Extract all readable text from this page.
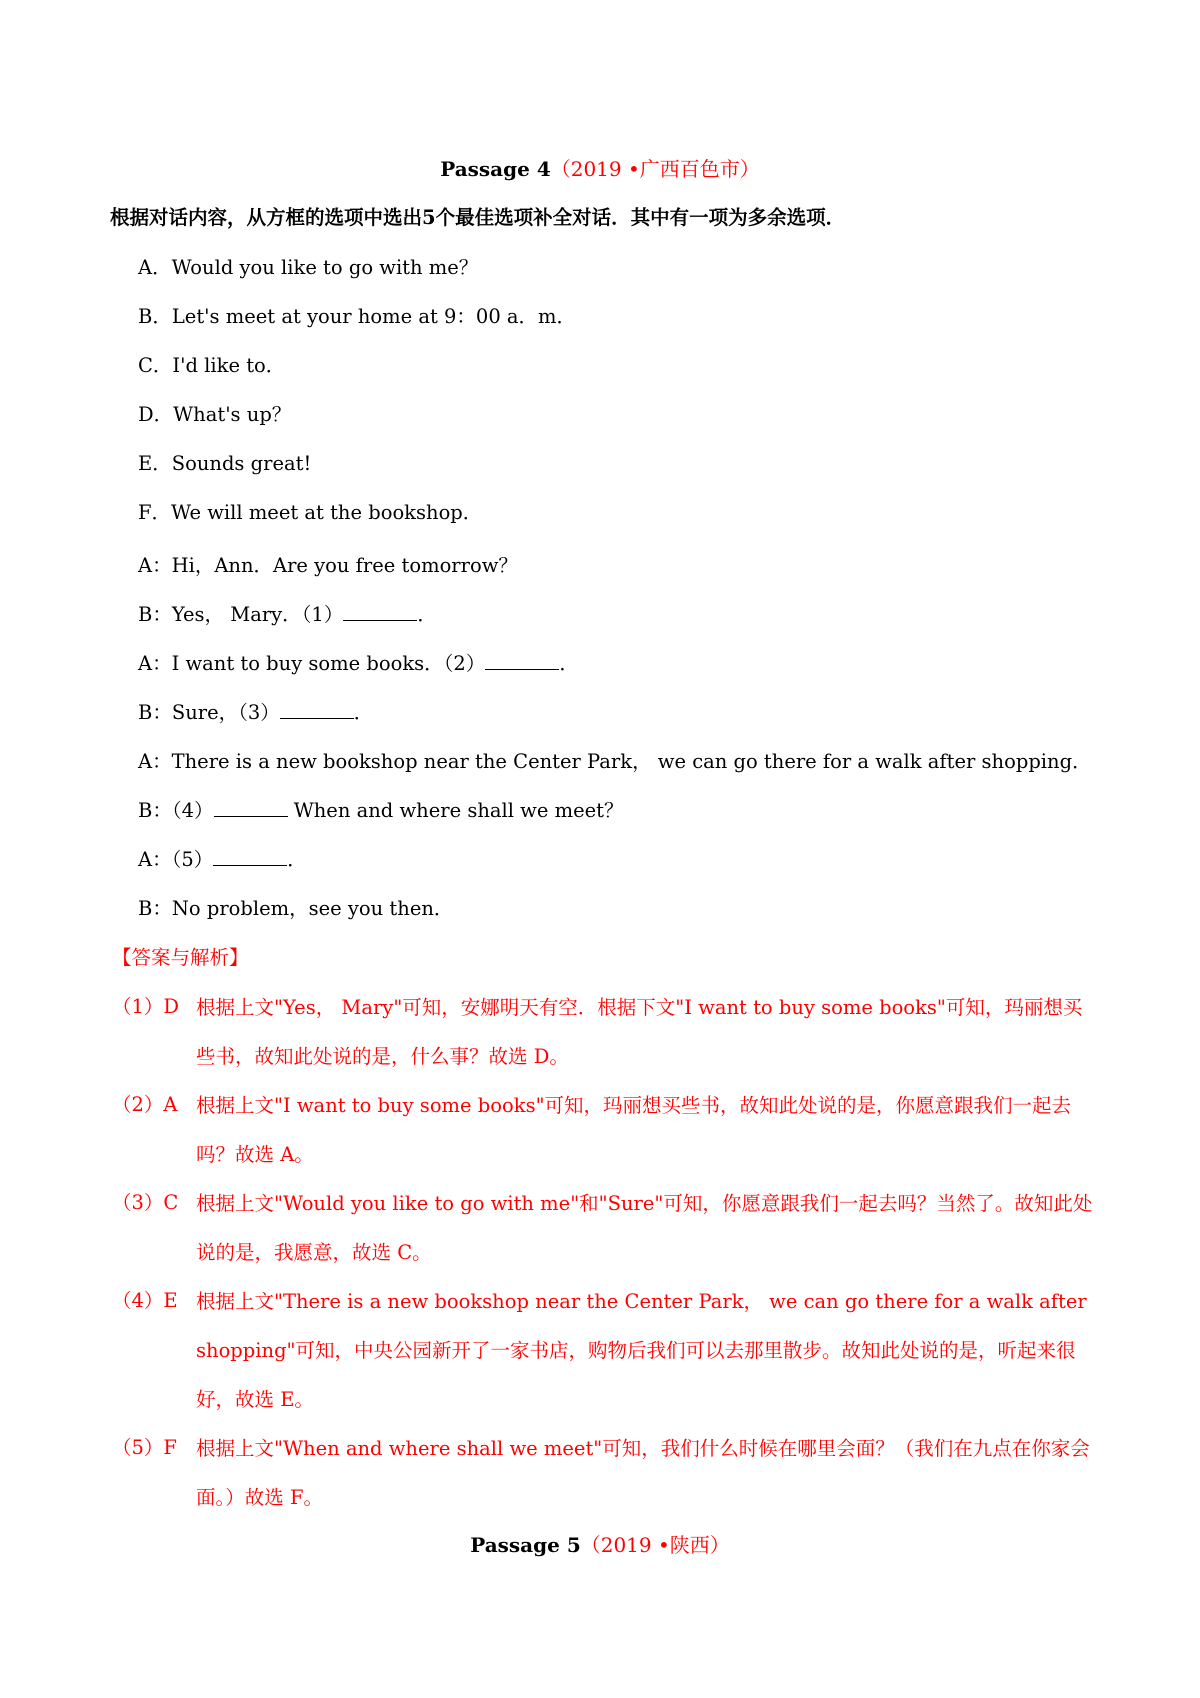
Passage 4（2019 •广西百色市）
根据对话内容，从方框的选项中选出5个最佳选项补全对话．其中有一项为多余选项．
A．Would you like to go with me？
B．Let's meet at your home at 9：00 a．m．
C．I'd like to．
D．What's up？
E．Sounds great!
F．We will meet at the bookshop．
A：Hi，Ann．Are you free tomorrow？
B：Yes， Mary．（1）	．
A：I want to buy some books．（2）	．
B：Sure，（3）	．
A：There is a new bookshop near the Center Park， we can go there for a walk after shopping．
B：（4）	When and where shall we meet？
A：（5）	．
B：No problem，see you then．
【答案与解析】
（1）D 根据上文"Yes， Mary"可知，安娜明天有空．根据下文"I want to buy some books"可知，玛丽想买些书，故知此处说的是，什么事？故选 D。
（2）A 根据上文"I want to buy some books"可知，玛丽想买些书，故知此处说的是，你愿意跟我们一起去吗？故选 A。
（3）C 根据上文"Would you like to go with me"和"Sure"可知，你愿意跟我们一起去吗？当然了。故知此处说的是，我愿意，故选 C。
（4）E 根据上文"There is a new bookshop near the Center Park， we can go there for a walk after shopping"可知，中央公园新开了一家书店，购物后我们可以去那里散步。故知此处说的是，听起来很好，故选 E。
（5）F 根据上文"When and where shall we meet"可知，我们什么时候在哪里会面？（我们在九点在你家会面。）故选 F。
Passage 5（2019 •陕西）
